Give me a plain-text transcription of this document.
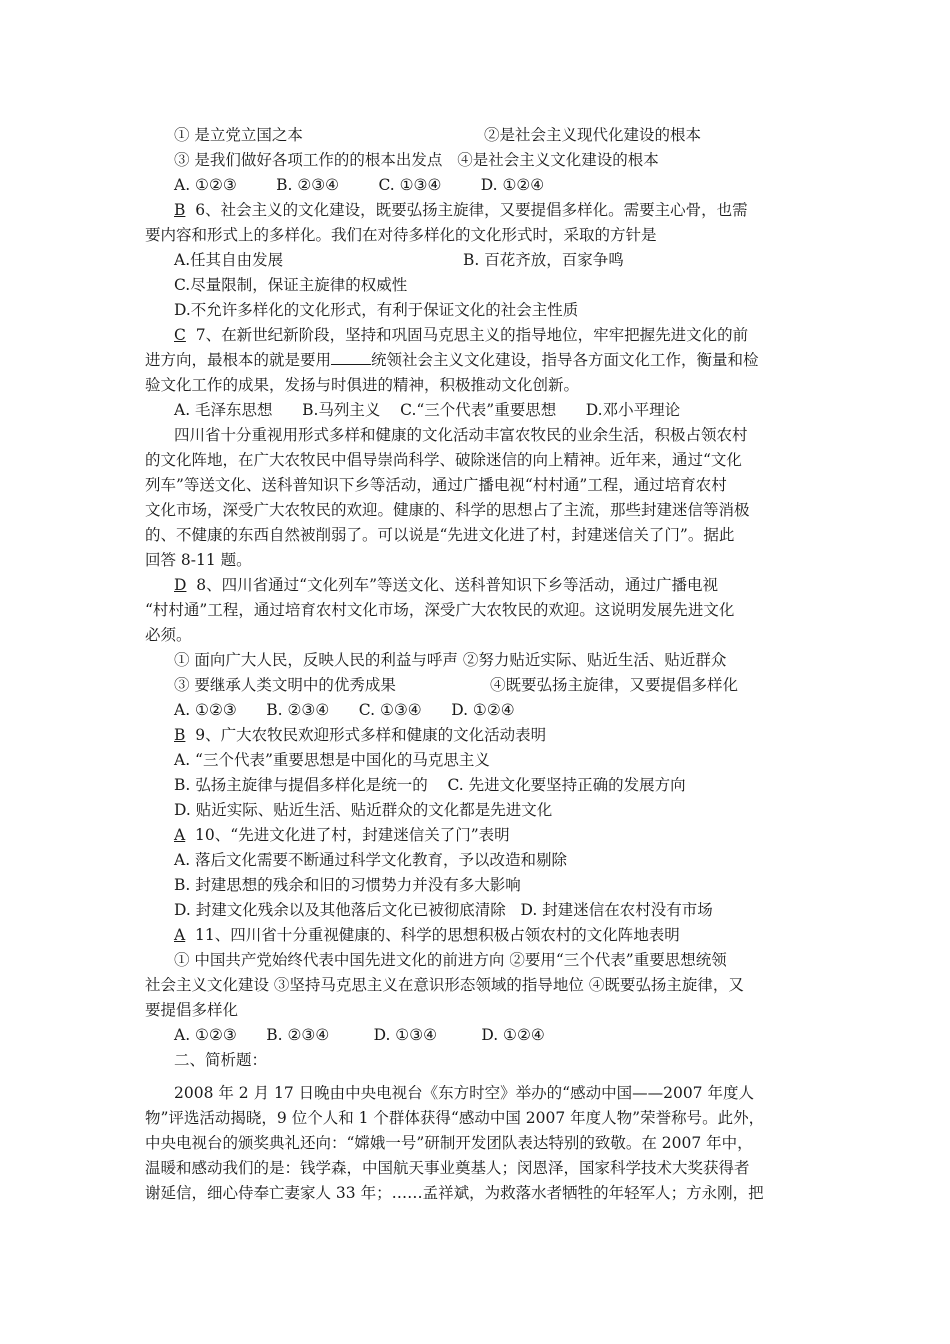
① 是立党立国之本	②是社会主义现代化建设的根本
③ 是我们做好各项工作的的根本出发点   ④是社会主义文化建设的根本
A. ①②③        B. ②③④        C. ①③④        D. ①②④
B  6、社会主义的文化建设，既要弘扬主旋律，又要提倡多样化。需要主心骨，也需
要内容和形式上的多样化。我们在对待多样化的文化形式时，采取的方针是
A.任其自由发展	B. 百花齐放，百家争鸣
C.尽量限制，保证主旋律的权威性
D.不允许多样化的文化形式，有利于保证文化的社会主性质
C  7、在新世纪新阶段，坚持和巩固马克思主义的指导地位，牢牢把握先进文化的前
进方向，最根本的就是要用	统领社会主义文化建设，指导各方面文化工作，衡量和检
验文化工作的成果，发扬与时俱进的精神，积极推动文化创新。
A. 毛泽东思想      B.马列主义    C.“三个代表”重要思想      D.邓小平理论
四川省十分重视用形式多样和健康的文化活动丰富农牧民的业余生活，积极占领农村
的文化阵地，在广大农牧民中倡导崇尚科学、破除迷信的向上精神。近年来，通过“文化
列车”等送文化、送科普知识下乡等活动，通过广播电视“村村通”工程，通过培育农村
文化市场，深受广大农牧民的欢迎。健康的、科学的思想占了主流，那些封建迷信等消极
的、不健康的东西自然被削弱了。可以说是“先进文化进了村，封建迷信关了门”。据此
回答 8-11 题。
D  8、四川省通过“文化列车”等送文化、送科普知识下乡等活动，通过广播电视
“村村通”工程，通过培育农村文化市场，深受广大农牧民的欢迎。这说明发展先进文化
必须。
① 面向广大人民，反映人民的利益与呼声 ②努力贴近实际、贴近生活、贴近群众
③ 要继承人类文明中的优秀成果	④既要弘扬主旋律，又要提倡多样化
A. ①②③      B. ②③④      C. ①③④      D. ①②④
B  9、广大农牧民欢迎形式多样和健康的文化活动表明
A. “三个代表”重要思想是中国化的马克思主义
B. 弘扬主旋律与提倡多样化是统一的    C. 先进文化要坚持正确的发展方向
D. 贴近实际、贴近生活、贴近群众的文化都是先进文化
A  10、“先进文化进了村，封建迷信关了门”表明
A. 落后文化需要不断通过科学文化教育，予以改造和剔除
B. 封建思想的残余和旧的习惯势力并没有多大影响
D. 封建文化残余以及其他落后文化已被彻底清除   D. 封建迷信在农村没有市场
A  11、四川省十分重视健康的、科学的思想积极占领农村的文化阵地表明
① 中国共产党始终代表中国先进文化的前进方向 ②要用“三个代表”重要思想统领
社会主义文化建设 ③坚持马克思主义在意识形态领域的指导地位 ④既要弘扬主旋律，又
要提倡多样化
A. ①②③      B. ②③④         D. ①③④         D. ①②④
二、简析题：
2008 年 2 月 17 日晚由中央电视台《东方时空》举办的“感动中国——2007 年度人
物”评选活动揭晓，9 位个人和 1 个群体获得“感动中国 2007 年度人物”荣誉称号。此外，
中央电视台的颁奖典礼还向：“嫦娥一号”研制开发团队表达特别的致敬。在 2007 年中，
温暖和感动我们的是：钱学森，中国航天事业奠基人；闵恩泽，国家科学技术大奖获得者
谢延信，细心侍奉亡妻家人 33 年；……孟祥斌，为救落水者牺牲的年轻军人；方永刚，把
